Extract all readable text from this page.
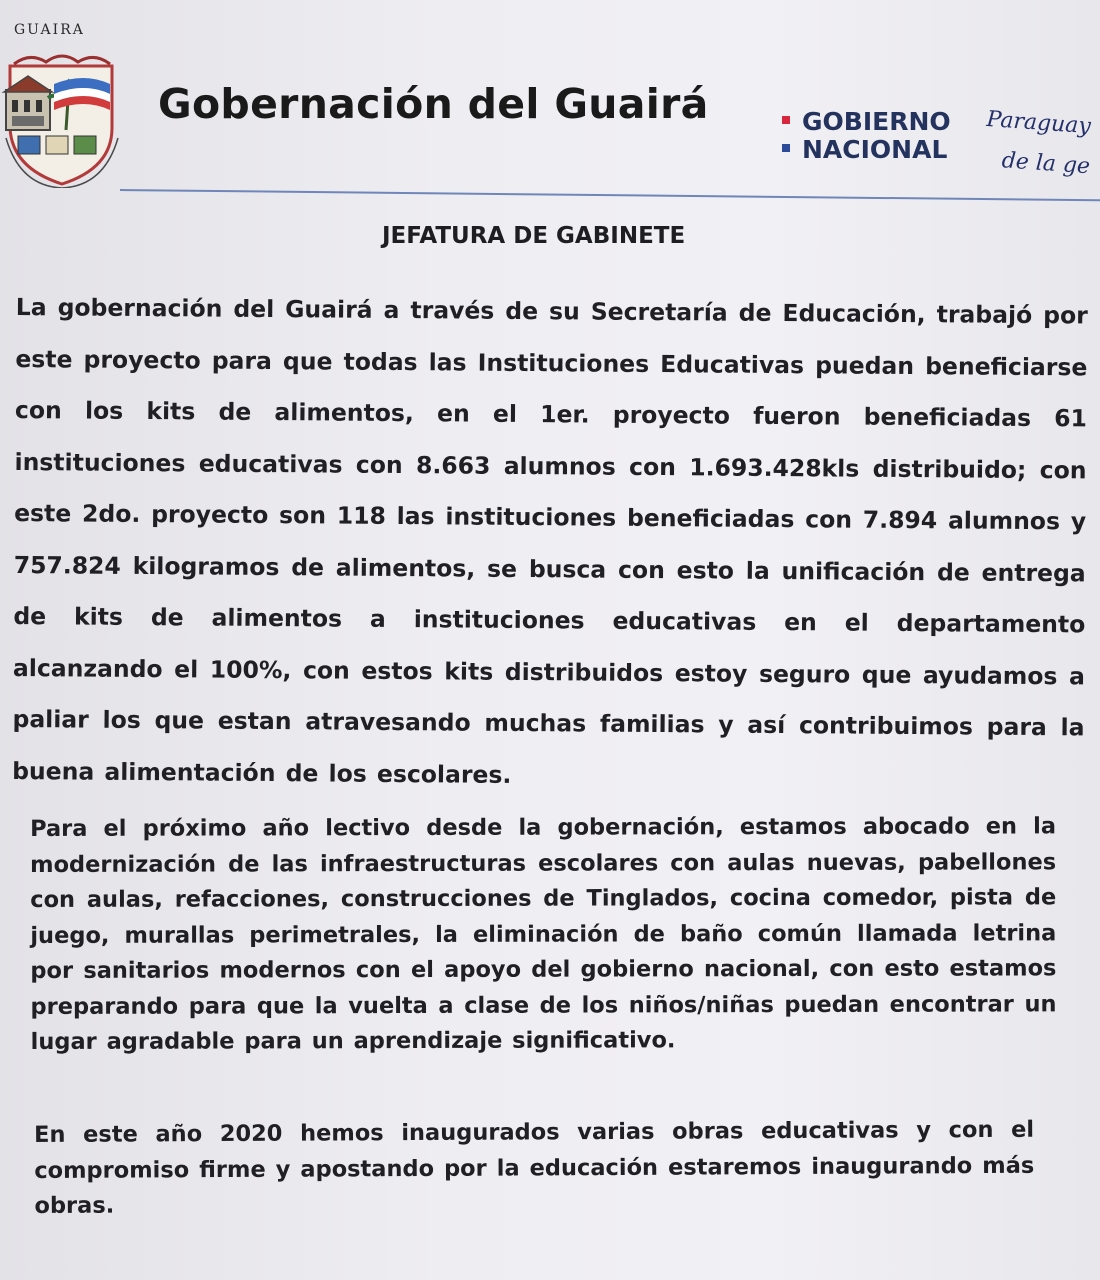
GUAIRA
Gobernación del Guairá	GOBIERNO
NACIONAL
Paraguay
de la ge
JEFATURA DE GABINETE
La gobernación del Guairá a través de su Secretaría de Educación, trabajó por este proyecto para que todas las Instituciones Educativas puedan beneficiarse con los kits de alimentos, en el 1er. proyecto fueron beneficiadas 61 instituciones educativas con 8.663 alumnos con 1.693.428kls distribuido; con este 2do. proyecto son 118 las instituciones beneficiadas con 7.894 alumnos y 757.824 kilogramos de alimentos, se busca con esto la unificación de entrega de kits de alimentos a instituciones educativas en el departamento alcanzando el 100%, con estos kits distribuidos estoy seguro que ayudamos a paliar los que estan atravesando muchas familias y así contribuimos para la buena alimentación de los escolares.
Para el próximo año lectivo desde la gobernación, estamos abocado en la modernización de las infraestructuras escolares con aulas nuevas, pabellones con aulas, refacciones, construcciones de Tinglados, cocina comedor, pista de juego, murallas perimetrales, la eliminación de baño común llamada letrina por sanitarios modernos con el apoyo del gobierno nacional, con esto estamos preparando para que la vuelta a clase de los niños/niñas puedan encontrar un lugar agradable para un aprendizaje significativo.
En este año 2020 hemos inaugurados varias obras educativas y con el compromiso firme y apostando por la educación estaremos inaugurando más obras.
